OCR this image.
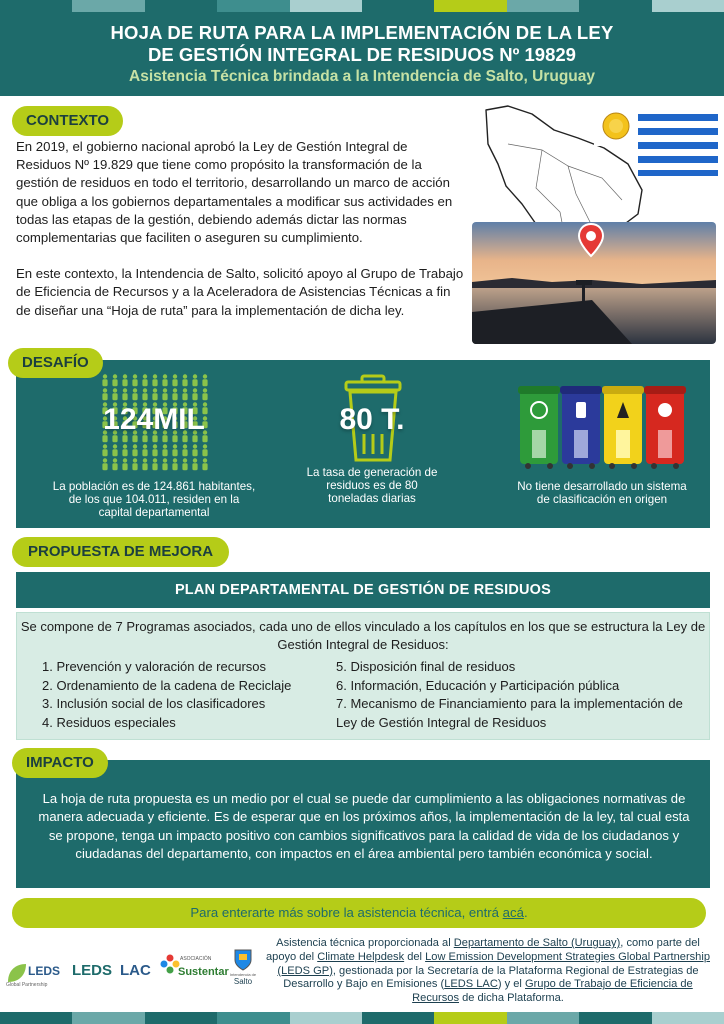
HOJA DE RUTA PARA LA IMPLEMENTACIÓN DE LA LEY
DE GESTIÓN INTEGRAL DE RESIDUOS Nº 19829
Asistencia Técnica brindada a la Intendencia de Salto, Uruguay
CONTEXTO

En 2019, el gobierno nacional aprobó la Ley de Gestión Integral de Residuos Nº 19.829 que tiene como propósito la transformación de la gestión de residuos en todo el territorio, desarrollando un marco de acción que obliga a los gobiernos departamentales a modificar sus actividades en todas las etapas de la gestión, debiendo además dictar las normas complementarias que faciliten o aseguren su cumplimiento.

En este contexto, la Intendencia de Salto, solicitó apoyo al Grupo de Trabajo de Eficiencia de Recursos y a la Aceleradora de Asistencias Técnicas a fin de diseñar una “Hoja de ruta” para la implementación de dicha ley.

DESAFÍO
124MIL
La población es de 124.861 habitantes, de los que 104.011, residen en la capital departamental
80 T.
La tasa de generación de residuos es de 80 toneladas diarias
No tiene desarrollado un sistema de clasificación en origen
PROPUESTA DE MEJORA
PLAN DEPARTAMENTAL DE GESTIÓN DE RESIDUOS
Se compone de 7 Programas asociados, cada uno de ellos vinculado a los capítulos en los que se estructura la Ley de Gestión Integral de Residuos:
1. Prevención y valoración de recursos
2. Ordenamiento de la cadena de Reciclaje
3. Inclusión social de los clasificadores
4. Residuos especiales
5. Disposición final de residuos
6. Información, Educación y Participación pública
7. Mecanismo de Financiamiento para la implementación de Ley de Gestión Integral de Residuos
IMPACTO
La hoja de ruta propuesta es un medio por el cual se puede dar cumplimiento a las obligaciones normativas de manera adecuada y eficiente. Es de esperar que en los próximos años, la implementación de la ley, tal cual esta se propone, tenga un impacto positivo con cambios significativos para la calidad de vida de los ciudadanos y ciudadanas del departamento, con impactos en el área ambiental pero también económica y social.
Para enterarte más sobre la asistencia técnica, entrá acá.
LEDS
Global Partnership
LEDS LAC
ASOCIACIÓN
Sustentar Intendencia de
Salto
Asistencia técnica proporcionada al Departamento de Salto (Uruguay), como parte del apoyo del Climate Helpdesk del Low Emission Development Strategies Global Partnership (LEDS GP), gestionada por la Secretaría de la Plataforma Regional de Estrategias de Desarrollo y Bajo en Emisiones (LEDS LAC) y el Grupo de Trabajo de Eficiencia de Recursos de dicha Plataforma.
